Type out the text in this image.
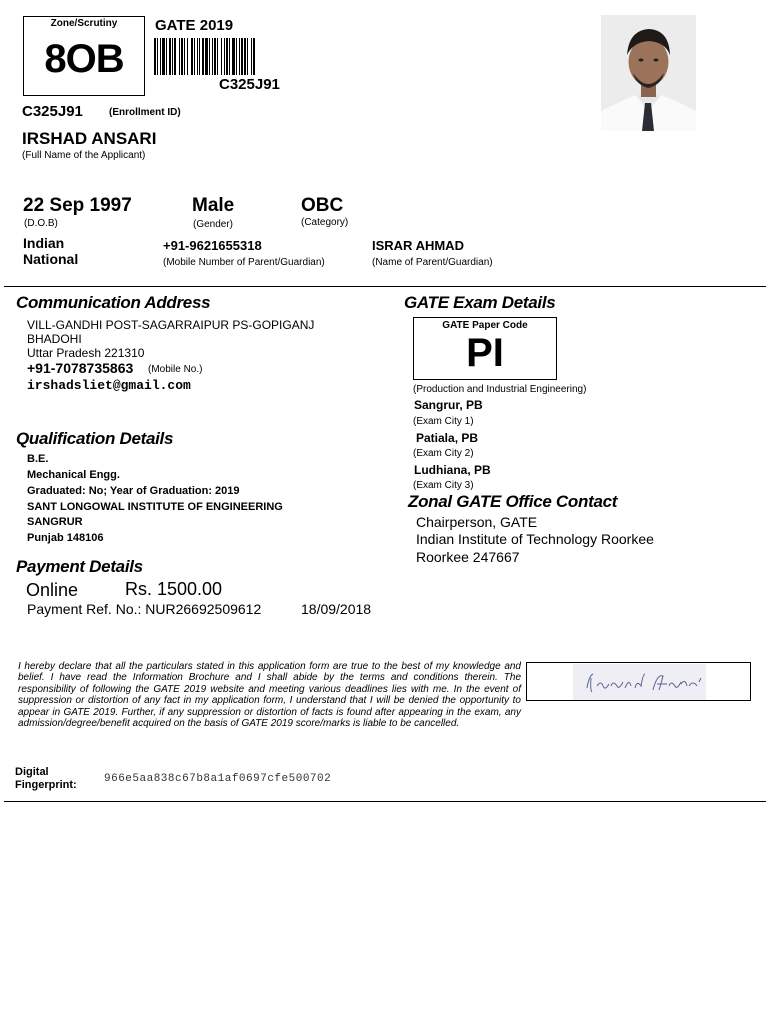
Zone/Scrutiny
8OB
GATE 2019
C325J91
C325J91	(Enrollment ID)
IRSHAD ANSARI
(Full Name of the Applicant)
22 Sep 1997
(D.O.B)
Male
(Gender)
OBC
(Category)
Indian
National
+91-9621655318
(Mobile Number of Parent/Guardian)
ISRAR AHMAD
(Name of Parent/Guardian)
Communication Address
VILL-GANDHI POST-SAGARRAIPUR PS-GOPIGANJ
BHADOHI
Uttar Pradesh 221310
+91-7078735863 (Mobile No.)
irshadsliet@gmail.com
GATE Exam Details
GATE Paper Code
PI
(Production and Industrial Engineering)
Sangrur, PB
(Exam City 1)
Patiala, PB
(Exam City 2)
Ludhiana, PB
(Exam City 3)
Qualification Details
B.E.
Mechanical Engg.
Graduated: No; Year of Graduation: 2019
SANT LONGOWAL INSTITUTE OF ENGINEERING
SANGRUR
Punjab 148106
Zonal GATE Office Contact
Chairperson, GATE
Indian Institute of Technology Roorkee
Roorkee 247667
Payment Details
Online	Rs. 1500.00
Payment Ref. No.: NUR26692509612	18/09/2018
I hereby declare that all the particulars stated in this application form are true to the best of my knowledge and belief. I have read the Information Brochure and I shall abide by the terms and conditions therein. The responsibility of following the GATE 2019 website and meeting various deadlines lies with me. In the event of suppression or distortion of any fact in my application form, I understand that I will be denied the opportunity to appear in GATE 2019. Further, if any suppression or distortion of facts is found after appearing in the exam, any admission/degree/benefit acquired on the basis of GATE 2019 score/marks is liable to be cancelled.
Digital
Fingerprint: 966e5aa838c67b8a1af0697cfe500702
